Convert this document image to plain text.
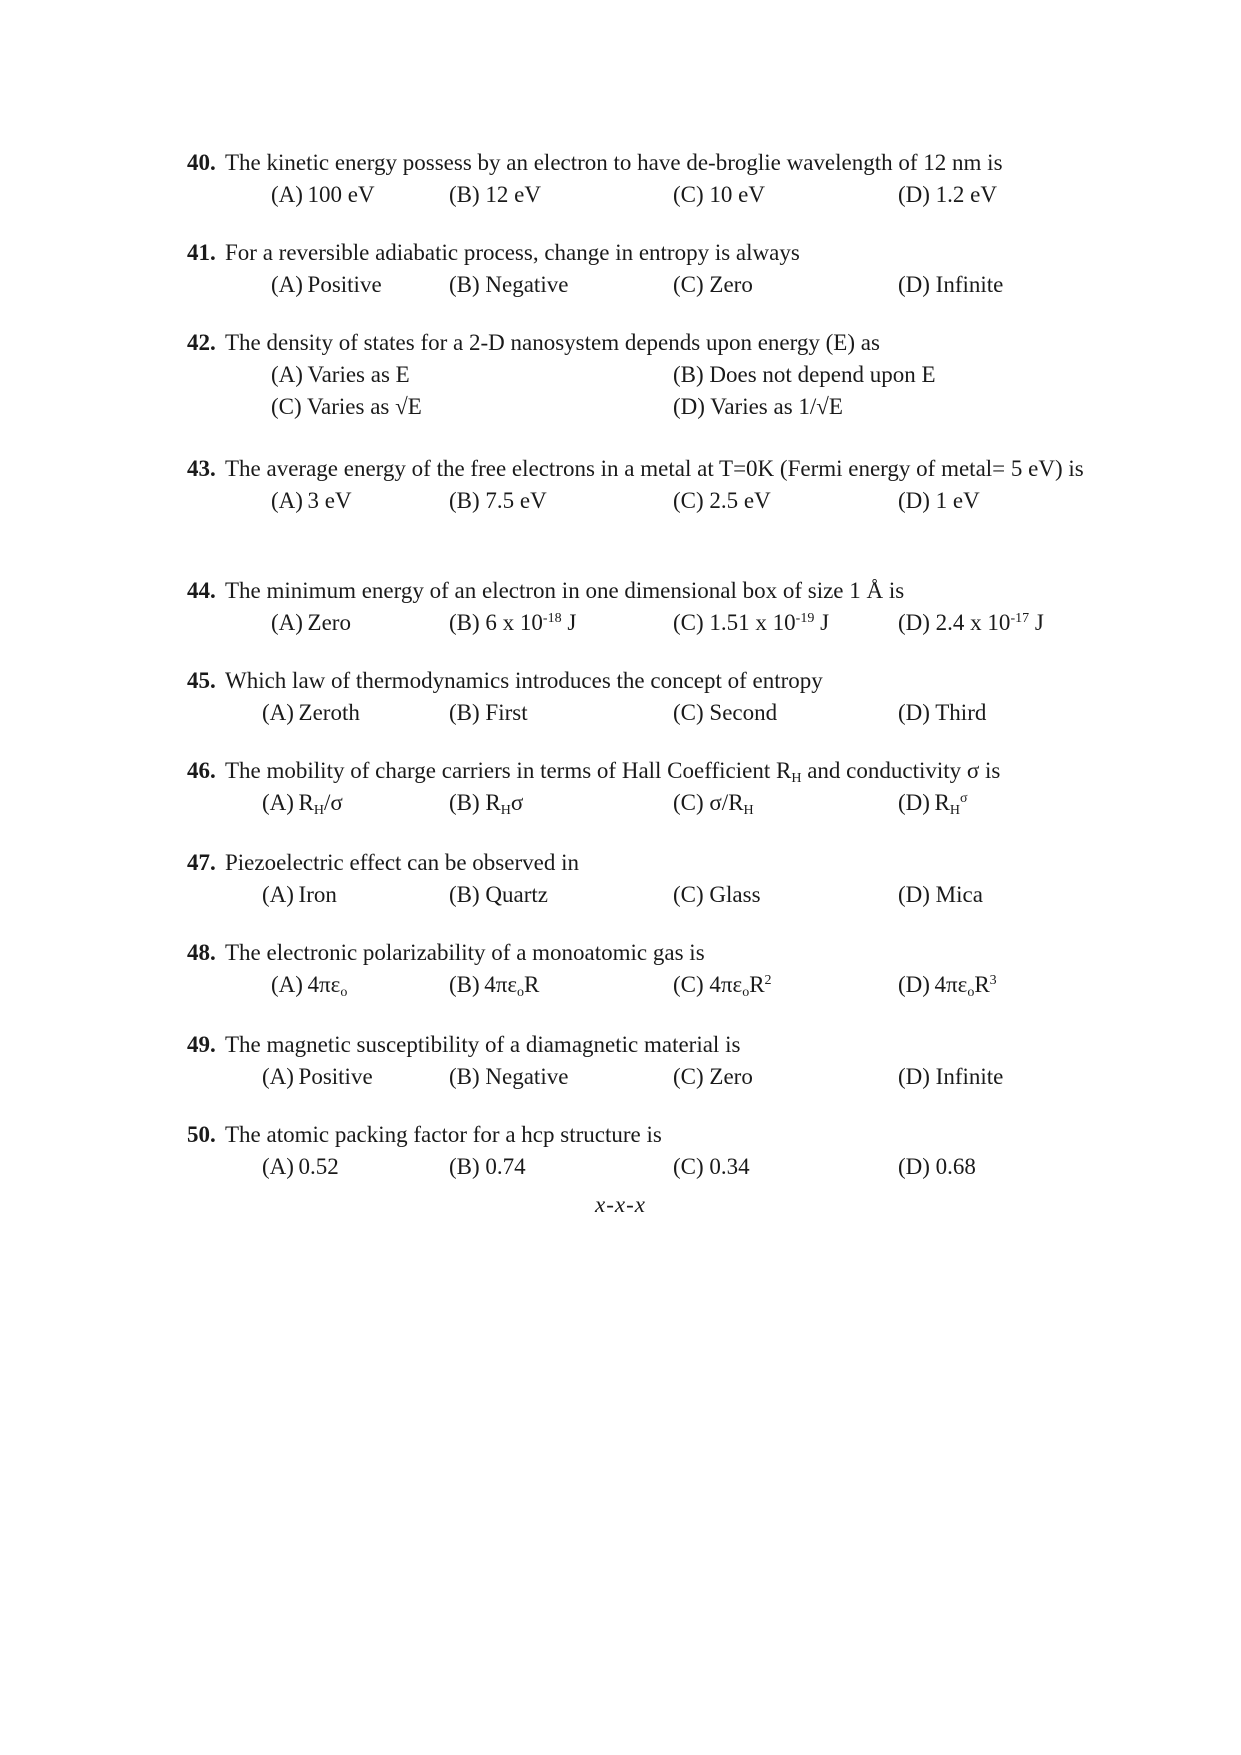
40. The kinetic energy possess by an electron to have de-broglie wavelength of 12 nm is
(A) 100 eV	(B) 12 eV	(C) 10 eV	(D) 1.2 eV
41. For a reversible adiabatic process, change in entropy is always
(A) Positive	(B) Negative	(C) Zero	(D) Infinite
42. The density of states for a 2-D nanosystem depends upon energy (E) as
(A) Varies as E	(B) Does not depend upon E
(C) Varies as √E	(D) Varies as 1/√E
43. The average energy of the free electrons in a metal at T=0K (Fermi energy of metal= 5 eV) is
(A) 3 eV	(B) 7.5 eV	(C) 2.5 eV	(D) 1 eV
44. The minimum energy of an electron in one dimensional box of size 1 Å is
(A) Zero	(B) 6 x $10^{-18}$ J	(C) 1.51 x $10^{-19}$ J	(D) 2.4 x $10^{-17}$ J
45. Which law of thermodynamics introduces the concept of entropy
(A) Zeroth	(B) First	(C) Second	(D) Third
46. The mobility of charge carriers in terms of Hall Coefficient $R_H$ and conductivity σ is
(A) $R_H/\sigma$	(B) $R_H\sigma$	(C) $\sigma/R_H$	(D) $R_H^\sigma$
47. Piezoelectric effect can be observed in
(A) Iron	(B) Quartz	(C) Glass	(D) Mica
48. The electronic polarizability of a monoatomic gas is
(A) $4\pi\varepsilon_o$	(B) $4\pi\varepsilon_oR$	(C) $4\pi\varepsilon_oR^2$	(D) $4\pi\varepsilon_oR^3$
49. The magnetic susceptibility of a diamagnetic material is
(A) Positive	(B) Negative	(C) Zero	(D) Infinite
50. The atomic packing factor for a hcp structure is
(A) 0.52	(B) 0.74	(C) 0.34	(D) 0.68
x-x-x
